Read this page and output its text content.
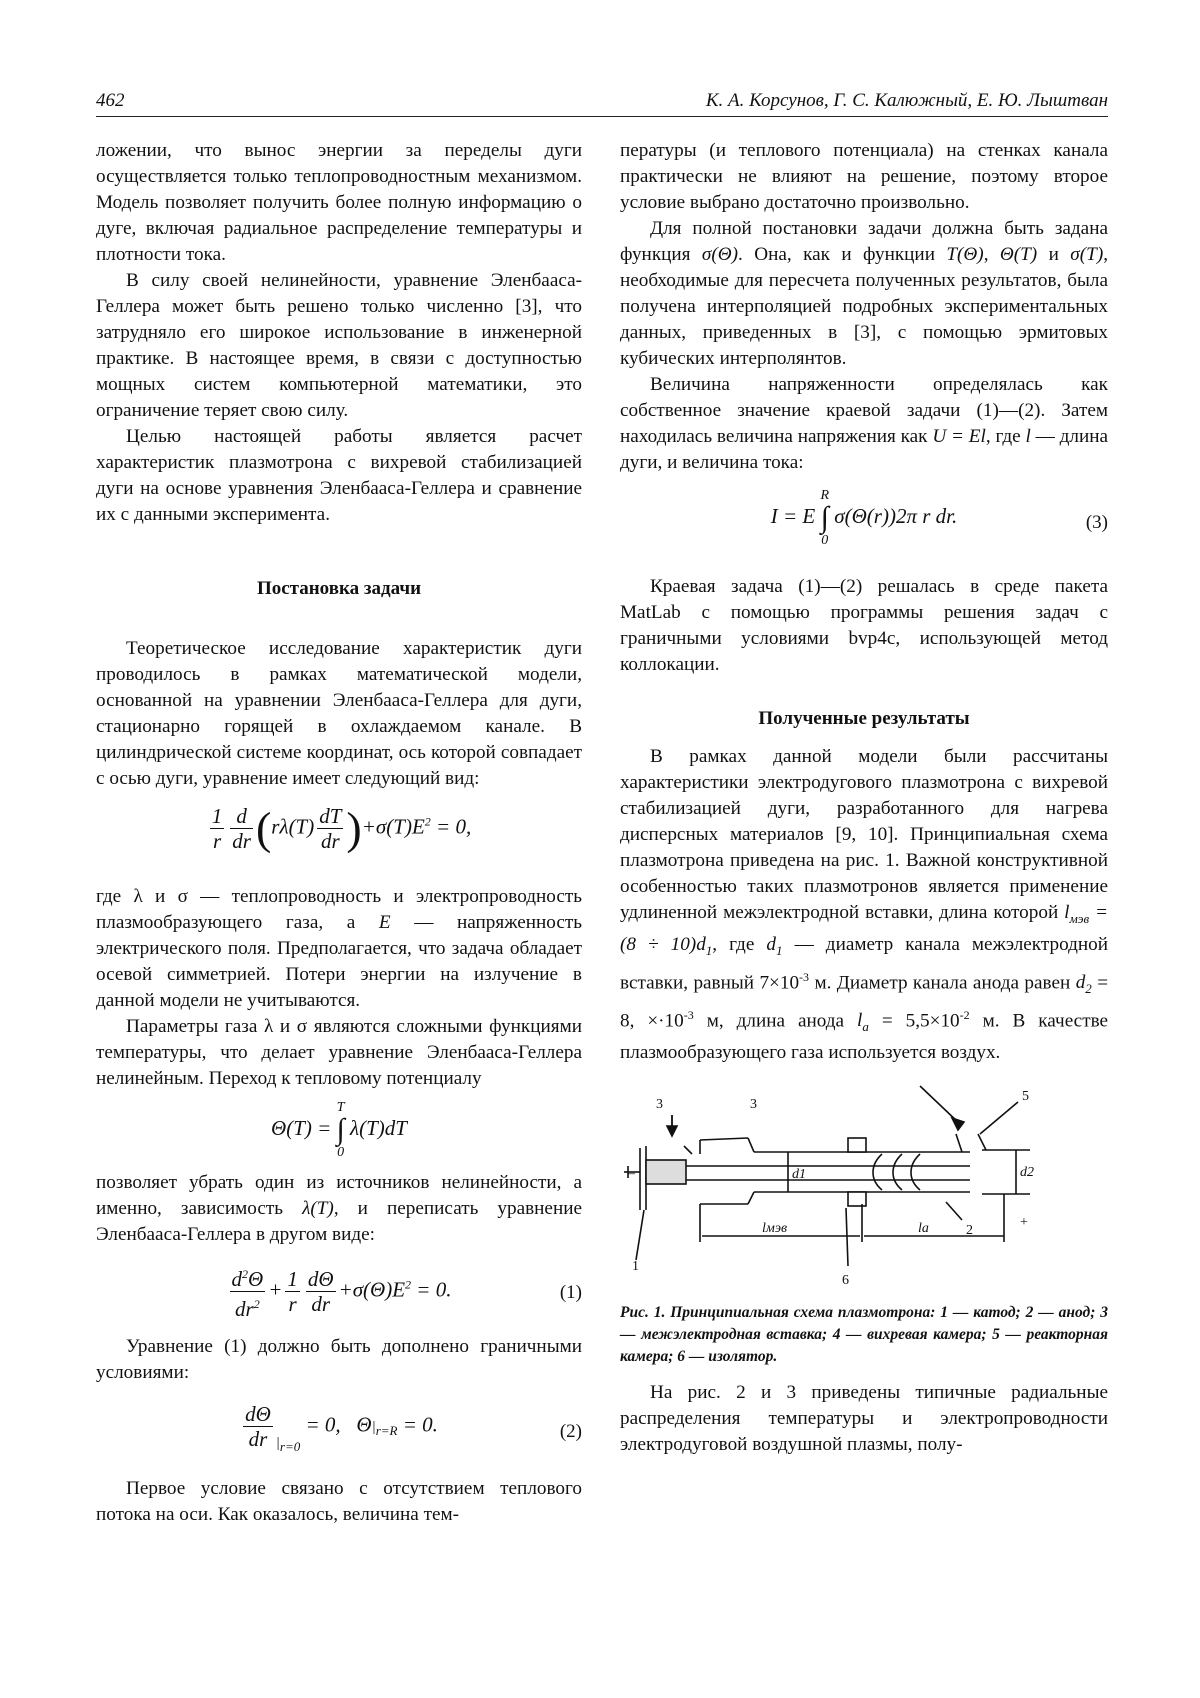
462	К. А. Корсунов, Г. С. Калюжный, Е. Ю. Лыштван

ложении, что вынос энергии за переделы дуги осуществляется только теплопроводностным механизмом. Модель позволяет получить более полную информацию о дуге, включая радиальное распределение температуры и плотности тока.

В силу своей нелинейности, уравнение Эленбааса-Геллера может быть решено только численно [3], что затрудняло его широкое использование в инженерной практике. В настоящее время, в связи с доступностью мощных систем компьютерной математики, это ограничение теряет свою силу.

Целью настоящей работы является расчет характеристик плазмотрона с вихревой стабилизацией дуги на основе уравнения Эленбааса-Геллера и сравнение их с данными эксперимента.

Постановка задачи

Теоретическое исследование характеристик дуги проводилось в рамках математической модели, основанной на уравнении Эленбааса-Геллера для дуги, стационарно горящей в охлаждаемом канале. В цилиндрической системе координат, ось которой совпадает с осью дуги, уравнение имеет следующий вид:

$\frac{1}{r} \frac{d}{dr} (r\lambda(T) \frac{dT}{dr} )+\sigma(T)E^2 = 0$,

где λ и σ — теплопроводность и электропроводность плазмообразующего газа, а E — напряженность электрического поля. Предполагается, что задача обладает осевой симметрией. Потери энергии на излучение в данной модели не учитываются.

Параметры газа λ и σ являются сложными функциями температуры, что делает уравнение Эленбааса-Геллера нелинейным. Переход к тепловому потенциалу

Θ(T) =
T
∫
0
λ(T)dT

позволяет убрать один из источников нелинейности, а именно, зависимость λ(T), и переписать уравнение Эленбааса-Геллера в другом виде:

$\frac{d^2\Theta}{dr^2} + \frac{1}{r} \frac{d\Theta}{dr} +\sigma(\Theta)E^2 = 0$.	(1)

Уравнение (1) должно быть дополнено граничными условиями:

$\frac{d\Theta}{dr} _{|_{r=0}} = 0$,   $\Theta|_{r=R} = 0$.	(2)

Первое условие связано с отсутствием теплового потока на оси. Как оказалось, величина тем-

пературы (и теплового потенциала) на стенках канала практически не влияют на решение, поэтому второе условие выбрано достаточно произвольно.

Для полной постановки задачи должна быть задана функция σ(Θ). Она, как и функции T(Θ), Θ(T) и σ(T), необходимые для пересчета полученных результатов, была получена интерполяцией подробных экспериментальных данных, приведенных в [3], с помощью эрмитовых кубических интерполянтов.

Величина напряженности определялась как собственное значение краевой задачи (1)—(2). Затем находилась величина напряжения как U = El, где l — длина дуги, и величина тока:

I = E
R
∫
0
σ(Θ(r))2π r dr.	(3)

Краевая задача (1)—(2) решалась в среде пакета MatLab с помощью программы решения задач с граничными условиями bvp4c, использующей метод коллокации.

Полученные результаты

В рамках данной модели были рассчитаны характеристики электродугового плазмотрона с вихревой стабилизацией дуги, разработанного для нагрева дисперсных материалов [9, 10]. Принципиальная схема плазмотрона приведена на рис. 1. Важной конструктивной особенностью таких плазмотронов является применение удлиненной межэлектродной вставки, длина которой $l_{мэв} = (8 \div 10)d_1$, где $d_1$ — диаметр канала межэлектродной вставки, равный $7\times 10^{-3}$ м. Диаметр канала анода равен $d_2 = 8$, $\times\cdot 10^{-3}$ м, длина анода $l_a = 5,5\times 10^{-2}$ м. В качестве плазмообразующего газа используется воздух.

–
3	3
5
1
2
6
lмэв	la
d1	d2
+
Рис. 1. Принципиальная схема плазмотрона: 1 — катод; 2 — анод; 3 — межэлектродная вставка; 4 — вихревая камера; 5 — реакторная камера; 6 — изолятор.

На рис. 2 и 3 приведены типичные радиальные распределения температуры и электропроводности электродуговой воздушной плазмы, полу-
